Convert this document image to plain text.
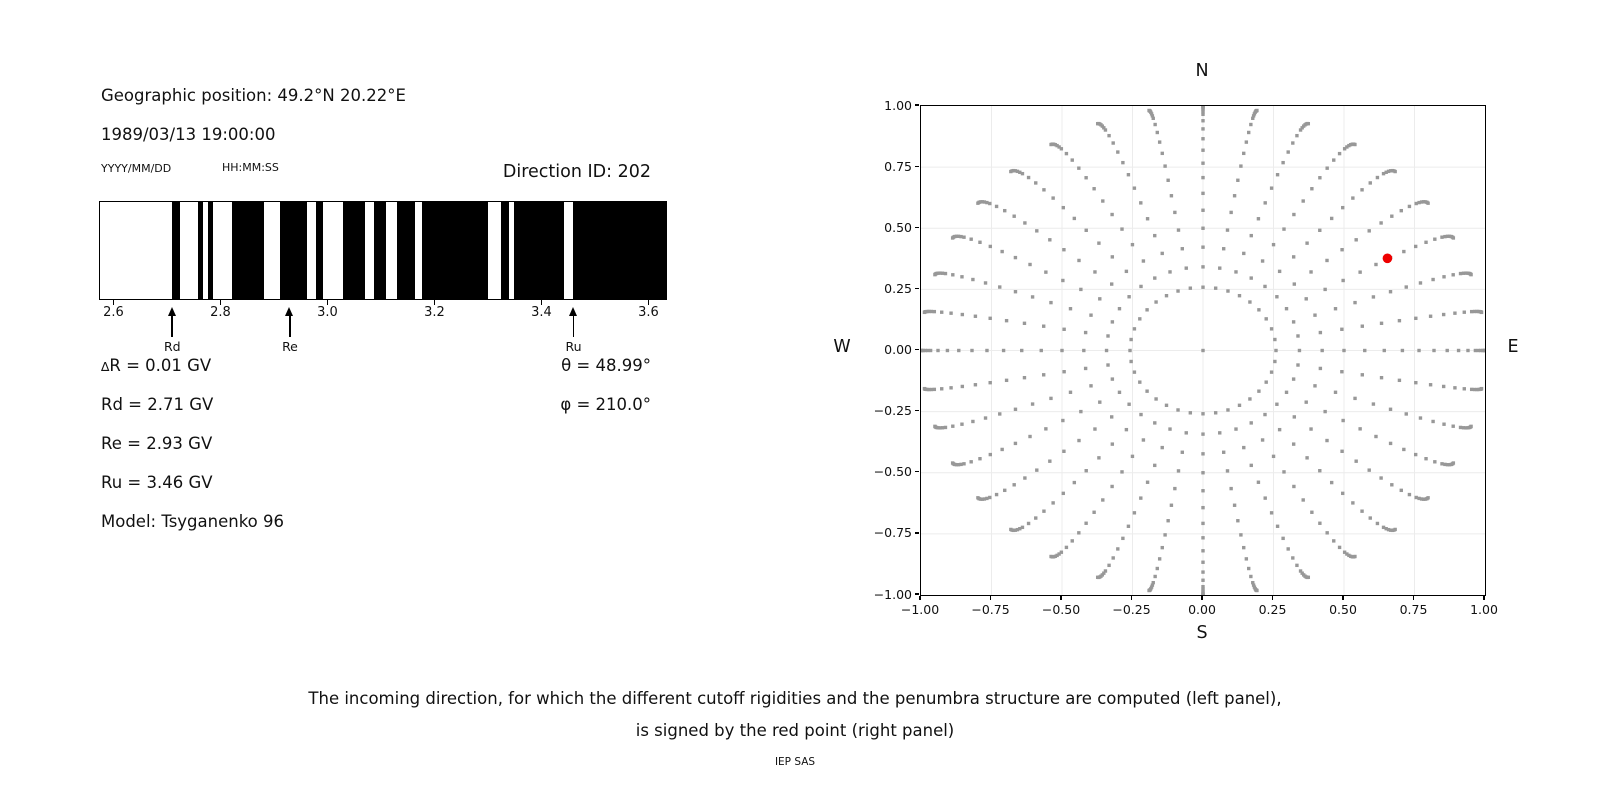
Geographic position: 49.2°N 20.22°E
1989/03/13 19:00:00
YYYY/MM/DD	HH:MM:SS	Direction ID: 202
∆R = 0.01 GV
Rd = 2.71 GV
Re = 2.93 GV
Ru = 3.46 GV
Model: Tsyganenko 96
θ = 48.99°
φ = 210.0°
N
S
W	E
The incoming direction, for which the different cutoff rigidities and the penumbra structure are computed (left panel),
is signed by the red point (right panel)
IEP SAS
2.6	2.8	3.0	3.2	3.4	3.6
Rd	Re	Ru
−1.00	−0.75	−0.50	−0.25	0.00	0.25	0.50	0.75	1.00
1.00
0.75
0.50
0.25
0.00
−0.25
−0.50
−0.75
−1.00
